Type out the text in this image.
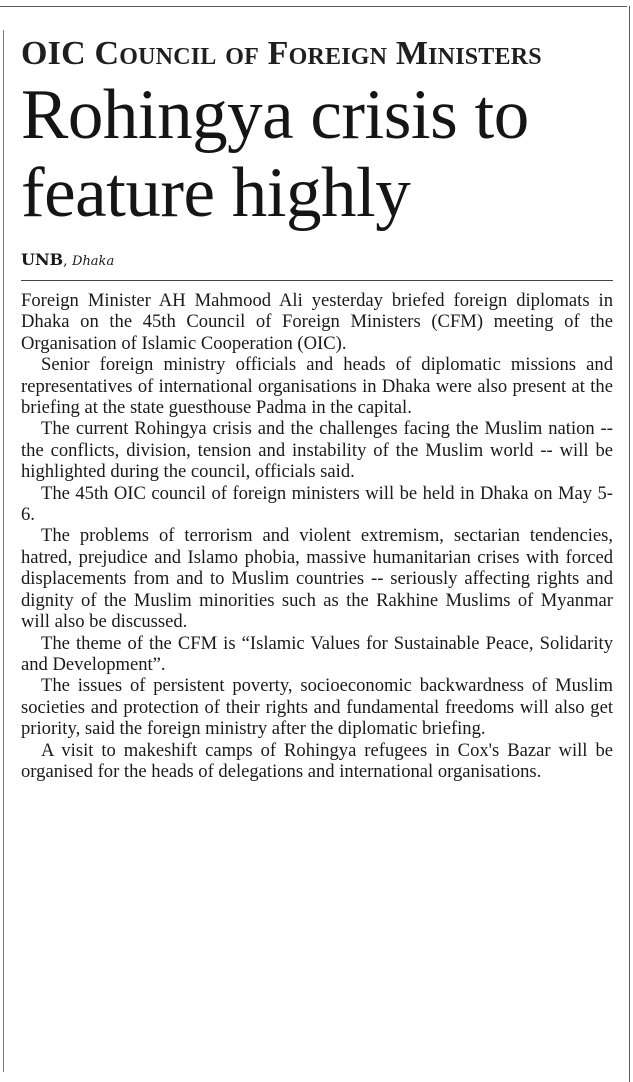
OIC Council of Foreign Ministers
Rohingya crisis to feature highly
UNB, Dhaka

Foreign Minister AH Mahmood Ali yesterday briefed foreign diplomats in Dhaka on the 45th Council of Foreign Ministers (CFM) meeting of the Organisation of Islamic Cooperation (OIC).

Senior foreign ministry officials and heads of diplomatic missions and representatives of international organisations in Dhaka were also present at the briefing at the state guesthouse Padma in the capital.

The current Rohingya crisis and the challenges facing the Muslim nation -- the conflicts, division, tension and instability of the Muslim world -- will be highlighted during the council, officials said.

The 45th OIC council of foreign ministers will be held in Dhaka on May 5-6.

The problems of terrorism and violent extremism, sectarian tendencies, hatred, prejudice and Islamo phobia, massive humanitarian crises with forced displacements from and to Muslim countries -- seriously affecting rights and dignity of the Muslim minorities such as the Rakhine Muslims of Myanmar will also be discussed.

The theme of the CFM is “Islamic Values for Sustainable Peace, Solidarity and Development”.

The issues of persistent poverty, socioeconomic backwardness of Muslim societies and protection of their rights and fundamental freedoms will also get priority, said the foreign ministry after the diplomatic briefing.

A visit to makeshift camps of Rohingya refugees in Cox's Bazar will be organised for the heads of delegations and international organisations.
